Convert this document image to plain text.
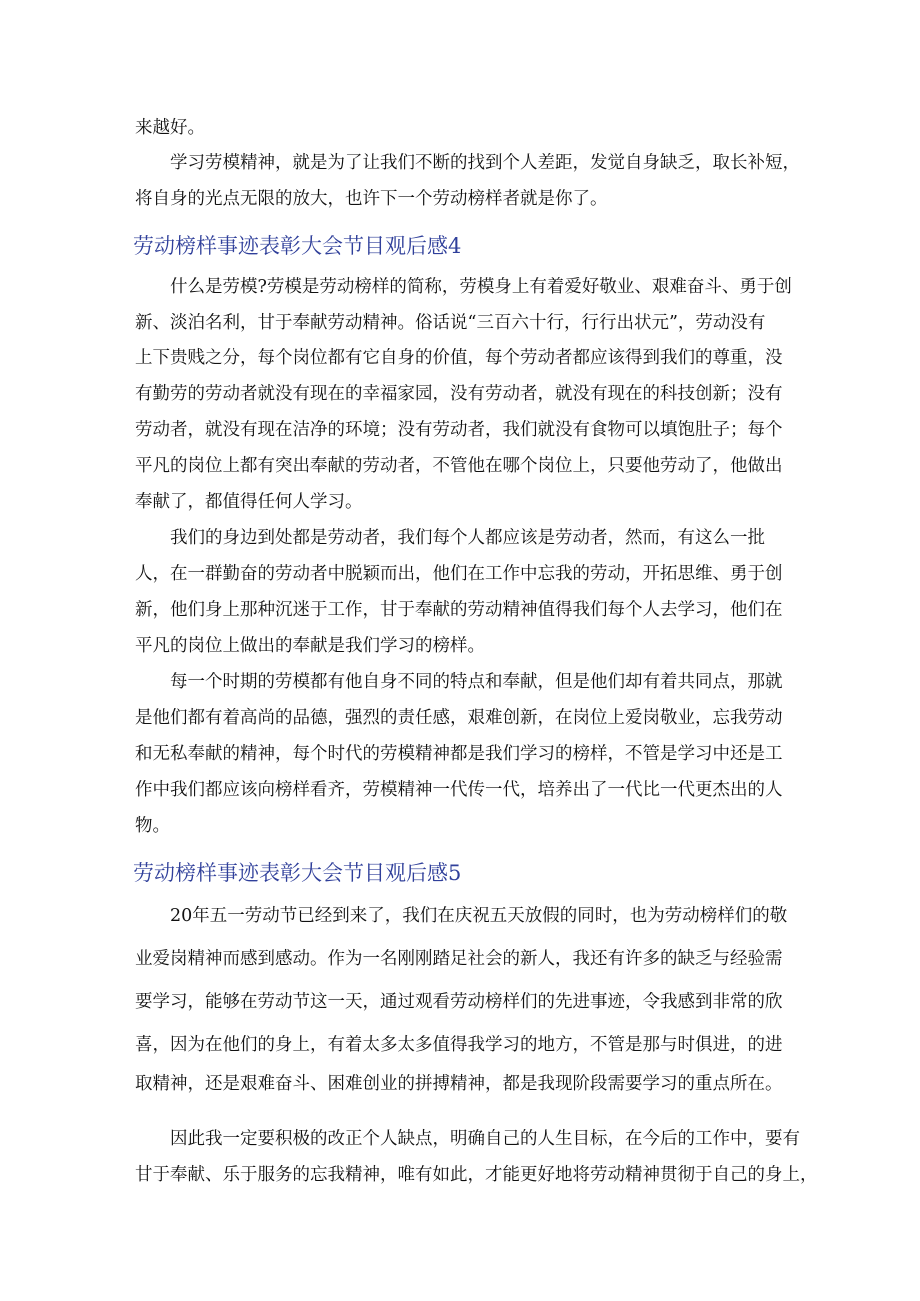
来越好。

学习劳模精神，就是为了让我们不断的找到个人差距，发觉自身缺乏，取长补短，

将自身的光点无限的放大，也许下一个劳动榜样者就是你了。

劳动榜样事迹表彰大会节目观后感4

什么是劳模?劳模是劳动榜样的简称，劳模身上有着爱好敬业、艰难奋斗、勇于创

新、淡泊名利，甘于奉献劳动精神。俗话说“三百六十行，行行出状元”，劳动没有

上下贵贱之分，每个岗位都有它自身的价值，每个劳动者都应该得到我们的尊重，没

有勤劳的劳动者就没有现在的幸福家园，没有劳动者，就没有现在的科技创新；没有

劳动者，就没有现在洁净的环境；没有劳动者，我们就没有食物可以填饱肚子；每个

平凡的岗位上都有突出奉献的劳动者，不管他在哪个岗位上，只要他劳动了，他做出

奉献了，都值得任何人学习。

我们的身边到处都是劳动者，我们每个人都应该是劳动者，然而，有这么一批

人，在一群勤奋的劳动者中脱颖而出，他们在工作中忘我的劳动，开拓思维、勇于创

新，他们身上那种沉迷于工作，甘于奉献的劳动精神值得我们每个人去学习，他们在

平凡的岗位上做出的奉献是我们学习的榜样。

每一个时期的劳模都有他自身不同的特点和奉献，但是他们却有着共同点，那就

是他们都有着高尚的品德，强烈的责任感，艰难创新，在岗位上爱岗敬业，忘我劳动

和无私奉献的精神，每个时代的劳模精神都是我们学习的榜样，不管是学习中还是工

作中我们都应该向榜样看齐，劳模精神一代传一代，培养出了一代比一代更杰出的人

物。

劳动榜样事迹表彰大会节目观后感5

20年五一劳动节已经到来了，我们在庆祝五天放假的同时，也为劳动榜样们的敬

业爱岗精神而感到感动。作为一名刚刚踏足社会的新人，我还有许多的缺乏与经验需

要学习，能够在劳动节这一天，通过观看劳动榜样们的先进事迹，令我感到非常的欣

喜，因为在他们的身上，有着太多太多值得我学习的地方，不管是那与时俱进，的进

取精神，还是艰难奋斗、困难创业的拼搏精神，都是我现阶段需要学习的重点所在。

因此我一定要积极的改正个人缺点，明确自己的人生目标，在今后的工作中，要有

甘于奉献、乐于服务的忘我精神，唯有如此，才能更好地将劳动精神贯彻于自己的身上，
